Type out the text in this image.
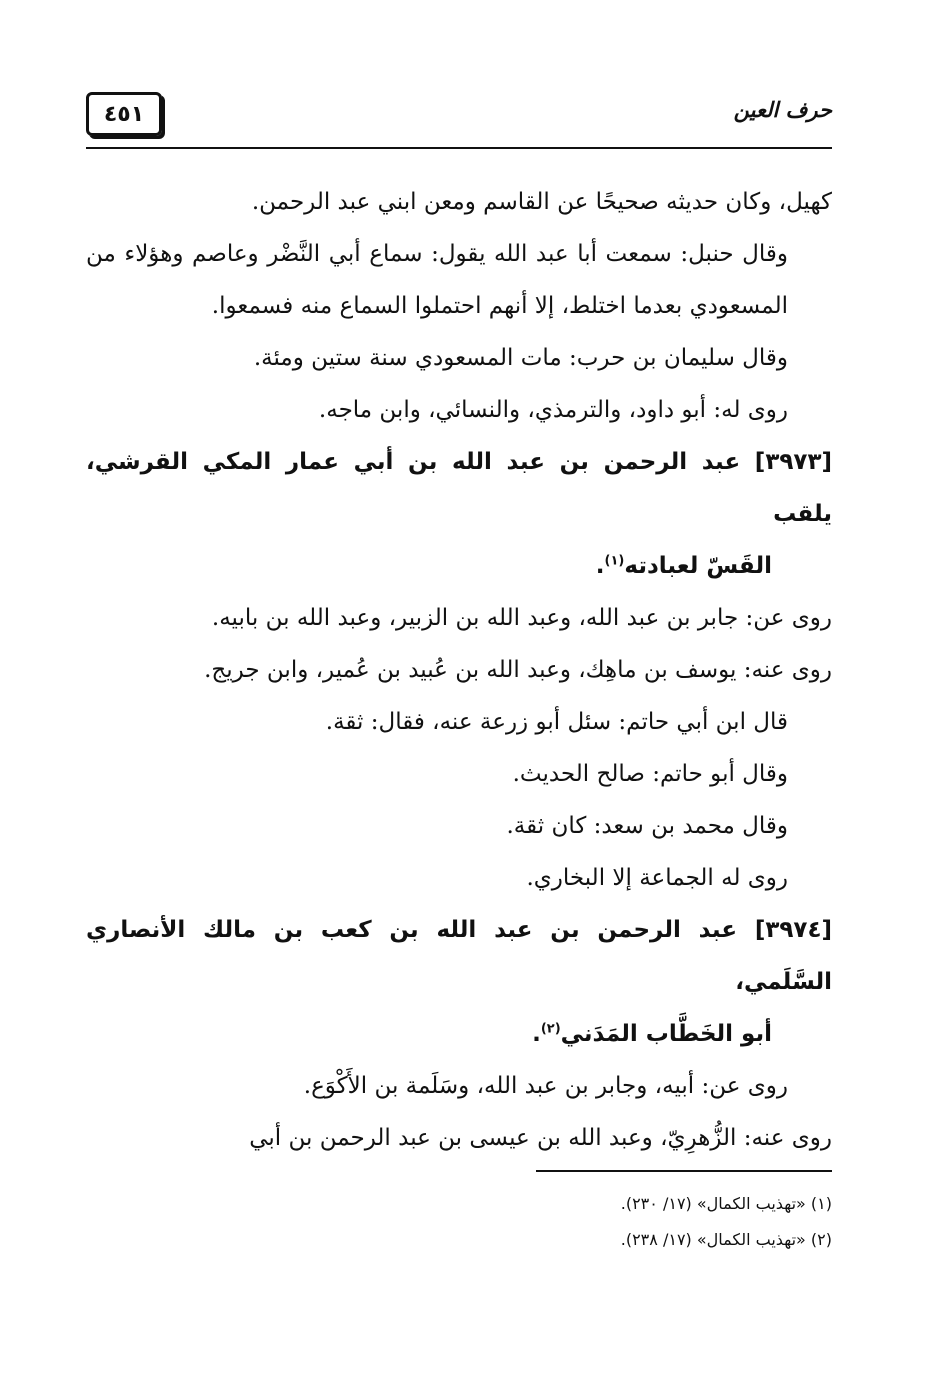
حرف العين
٤٥١

كهيل، وكان حديثه صحيحًا عن القاسم ومعن ابني عبد الرحمن.

وقال حنبل: سمعت أبا عبد الله يقول: سماع أبي النَّضْر وعاصم وهؤلاء من المسعودي بعدما اختلط، إلا أنهم احتملوا السماع منه فسمعوا.

وقال سليمان بن حرب: مات المسعودي سنة ستين ومئة.

روى له: أبو داود، والترمذي، والنسائي، وابن ماجه.

[٣٩٧٣] عبد الرحمن بن عبد الله بن أبي عمار المكي القرشي، يلقب
القَسّ لعبادته$^{(١)}$.

روى عن: جابر بن عبد الله، وعبد الله بن الزبير، وعبد الله بن بابيه.

روى عنه: يوسف بن ماهِك، وعبد الله بن عُبيد بن عُمير، وابن جريج.

قال ابن أبي حاتم: سئل أبو زرعة عنه، فقال: ثقة.

وقال أبو حاتم: صالح الحديث.

وقال محمد بن سعد: كان ثقة.

روى له الجماعة إلا البخاري.

[٣٩٧٤] عبد الرحمن بن عبد الله بن كعب بن مالك الأنصاري السَّلَمي،
أبو الخَطَّاب المَدَني$^{(٢)}$.

روى عن: أبيه، وجابر بن عبد الله، وسَلَمة بن الأَكْوَع.

روى عنه: الزُّهرِيّ، وعبد الله بن عيسى بن عبد الرحمن بن أبي

(١) «تهذيب الكمال» (١٧/ ٢٣٠).
(٢) «تهذيب الكمال» (١٧/ ٢٣٨).
